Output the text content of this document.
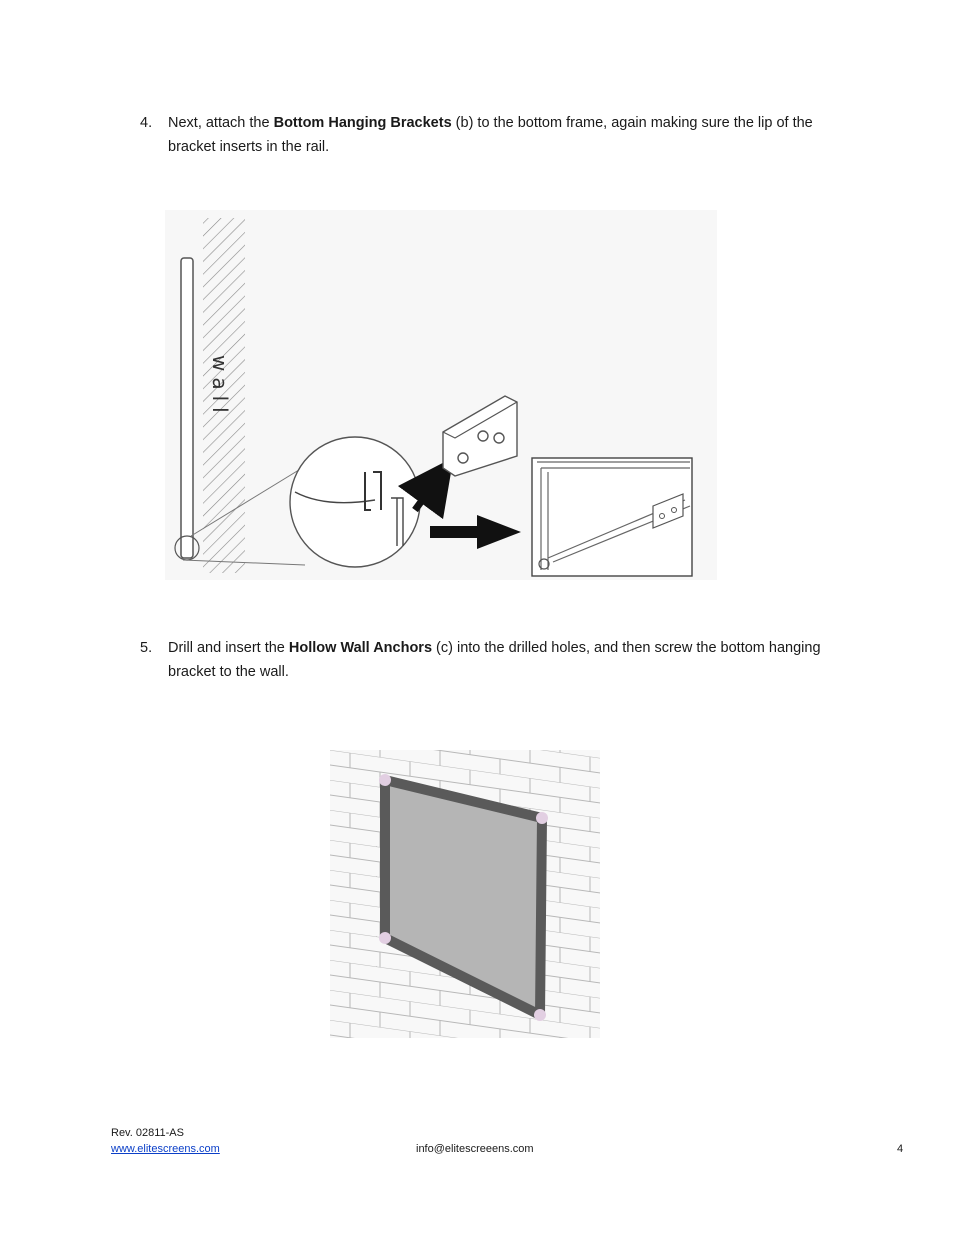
4. Next, attach the Bottom Hanging Brackets (b) to the bottom frame, again making sure the lip of the bracket inserts in the rail.
wall
5. Drill and insert the Hollow Wall Anchors (c) into the drilled holes, and then screw the bottom hanging bracket to the wall.
Rev. 02811-AS
www.elitescreens.com	info@elitescreeens.com	4
